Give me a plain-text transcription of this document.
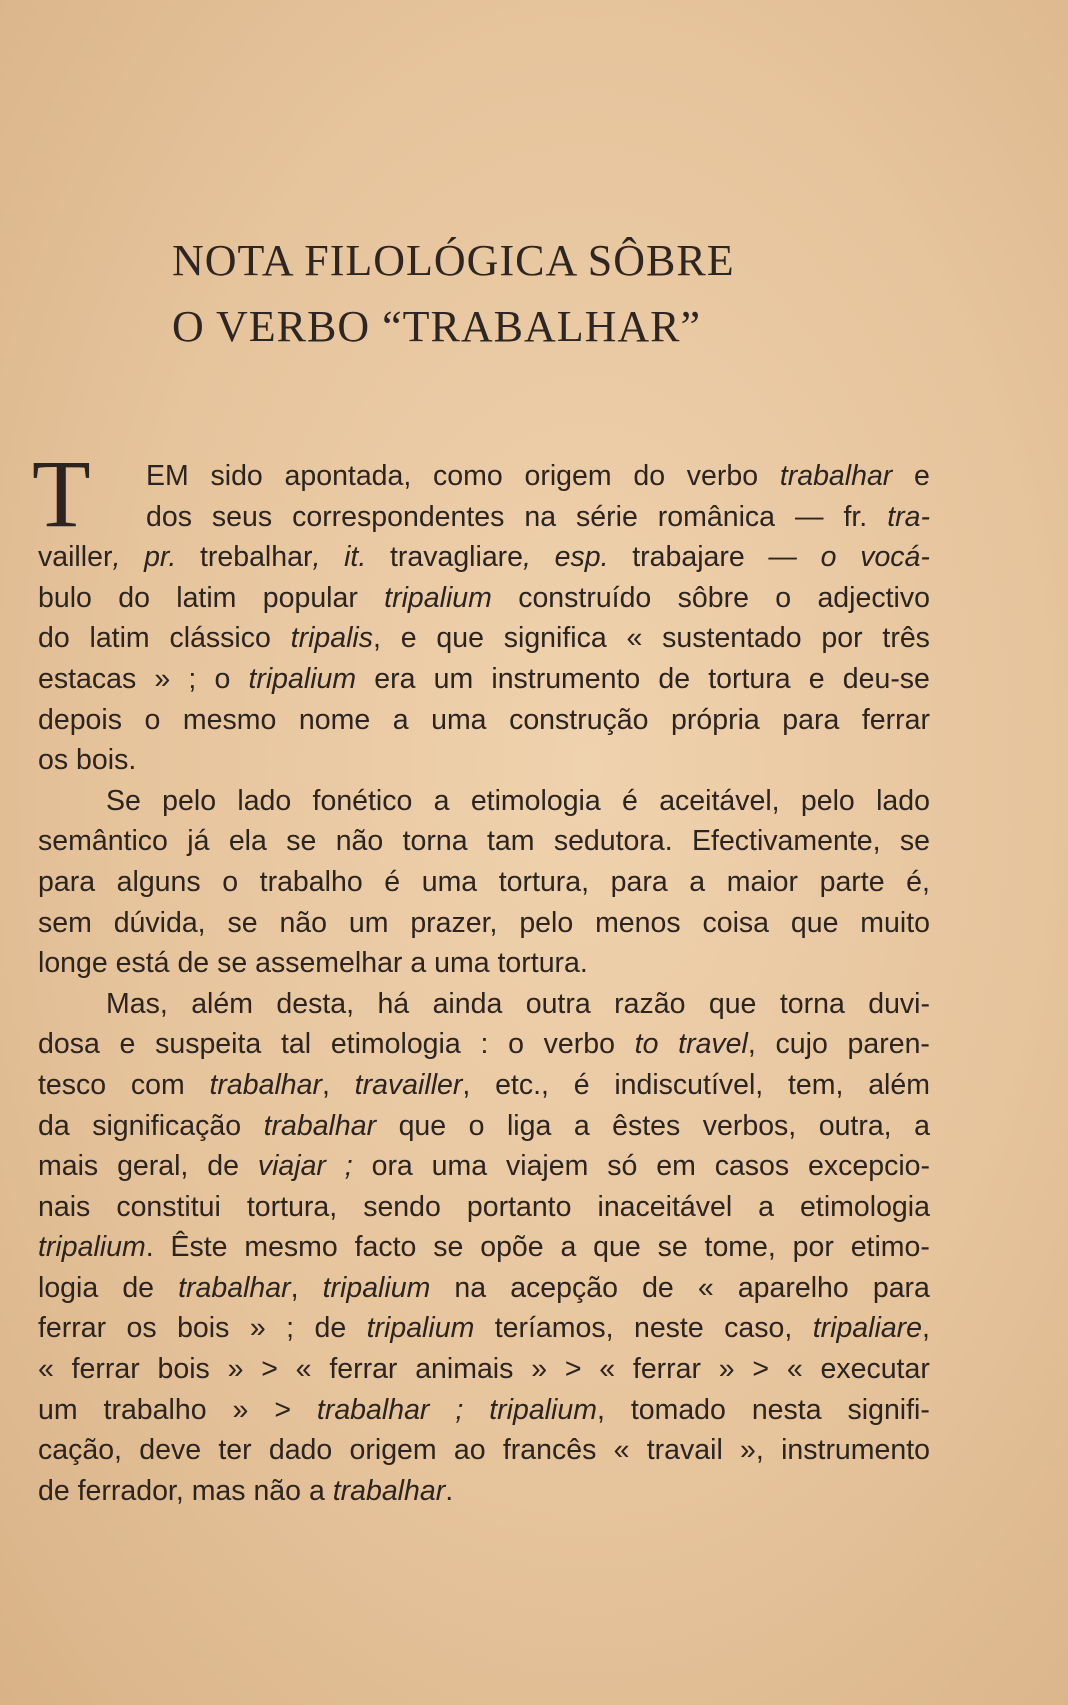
NOTA FILOLÓGICA SÔBRE
O VERBO “TRABALHAR”
T EM sido apontada, como origem do verbo trabalhar e
dos seus correspondentes na série românica — fr. tra-
vailler, pr. trebalhar, it. travagliare, esp. trabajare — o vocá-
bulo do latim popular tripalium construído sôbre o adjectivo
do latim clássico tripalis, e que significa « sustentado por três
estacas » ; o tripalium era um instrumento de tortura e deu-se
depois o mesmo nome a uma construção própria para ferrar
os bois.
Se pelo lado fonético a etimologia é aceitável, pelo lado
semântico já ela se não torna tam sedutora. Efectivamente, se
para alguns o trabalho é uma tortura, para a maior parte é,
sem dúvida, se não um prazer, pelo menos coisa que muito
longe está de se assemelhar a uma tortura.
Mas, além desta, há ainda outra razão que torna duvi-
dosa e suspeita tal etimologia : o verbo to travel, cujo paren-
tesco com trabalhar, travailler, etc., é indiscutível, tem, além
da significação trabalhar que o liga a êstes verbos, outra, a
mais geral, de viajar ; ora uma viajem só em casos excepcio-
nais constitui tortura, sendo portanto inaceitável a etimologia
tripalium. Êste mesmo facto se opõe a que se tome, por etimo-
logia de trabalhar, tripalium na acepção de « aparelho para
ferrar os bois » ; de tripalium teríamos, neste caso, tripaliare,
« ferrar bois » > « ferrar animais » > « ferrar » > « executar
um trabalho » > trabalhar ; tripalium, tomado nesta signifi-
cação, deve ter dado origem ao francês « travail », instrumento
de ferrador, mas não a trabalhar.
